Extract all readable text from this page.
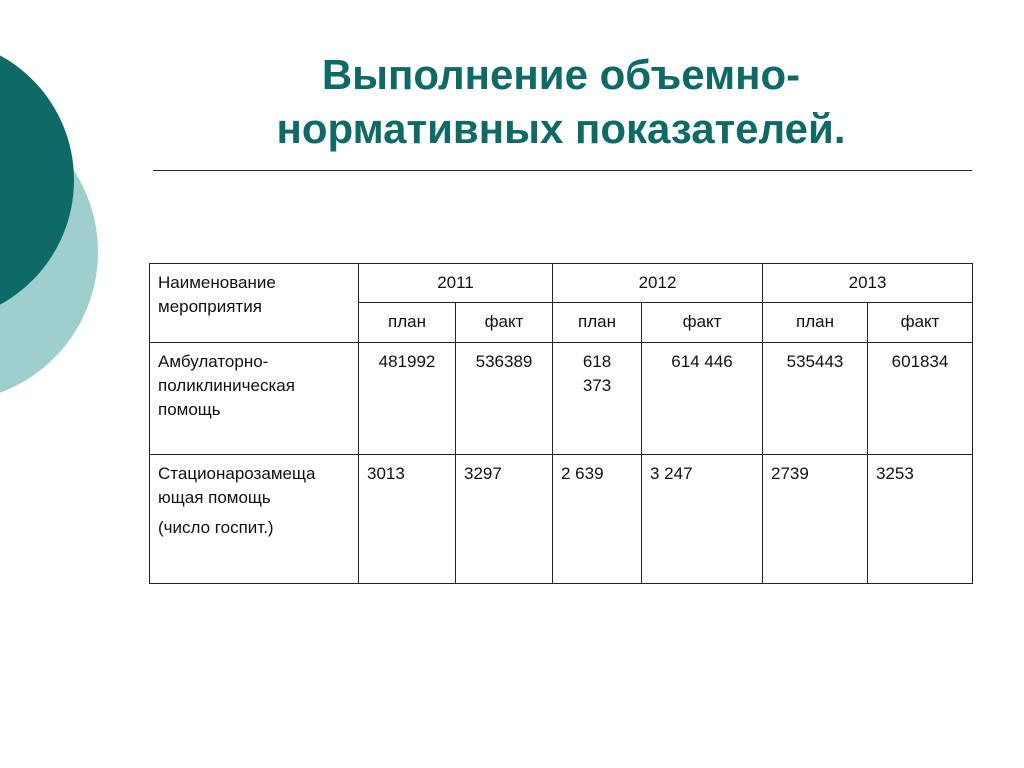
Выполнение объемно-
нормативных показателей.
Наименование мероприятия	2011		2012		2013	
	план	факт	план	факт	план	факт

Амбулаторно-
поликлиническая
помощь	481992	536389	618 373	614 446	535443	601834

Стационарозамеща
ющая помощь
(число госпит.)	3013	3297	2 639	3 247	2739	3253
